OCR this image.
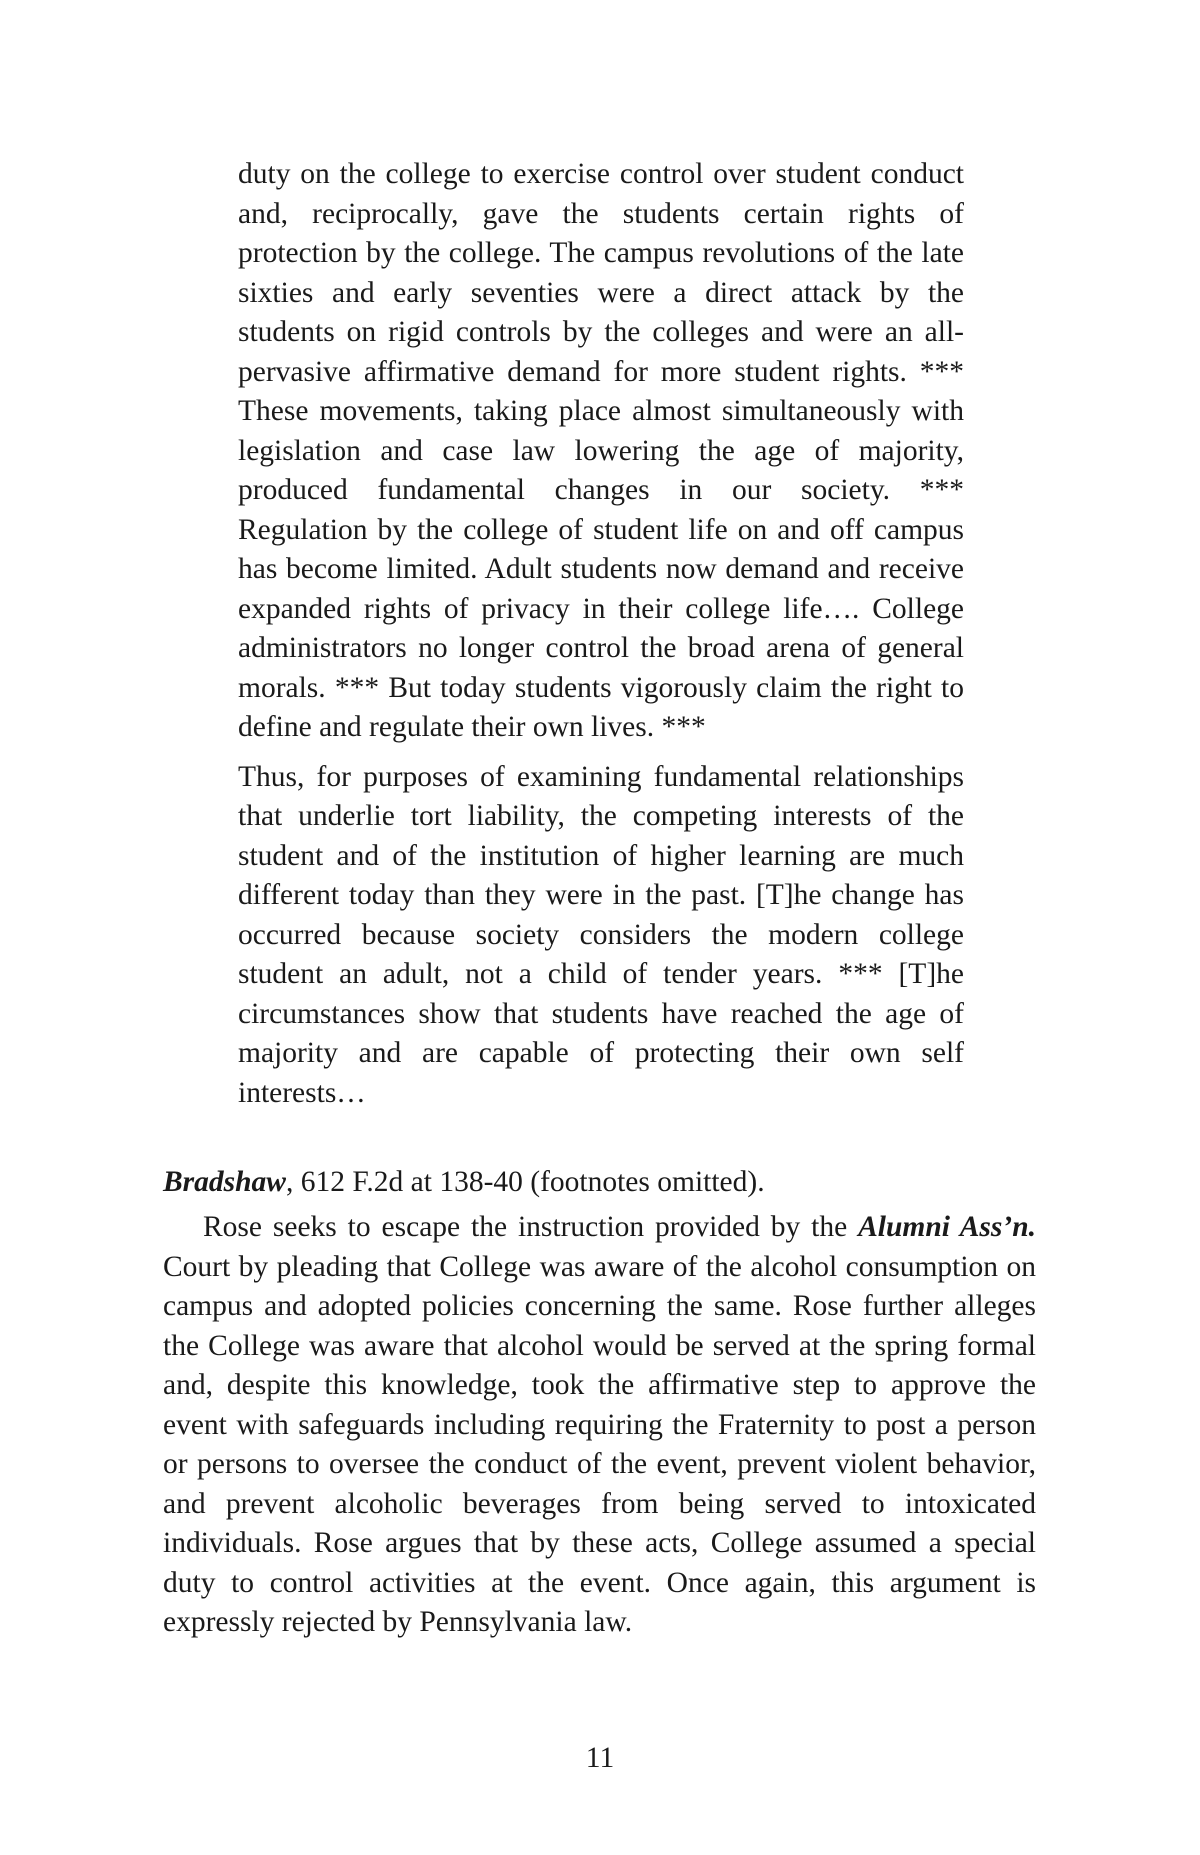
duty on the college to exercise control over student conduct and, reciprocally, gave the students certain rights of protection by the college. The campus revolutions of the late sixties and early seventies were a direct attack by the students on rigid controls by the colleges and were an all-pervasive affirmative demand for more student rights. *** These movements, taking place almost simultaneously with legislation and case law lowering the age of majority, produced fundamental changes in our society. *** Regulation by the college of student life on and off campus has become limited. Adult students now demand and receive expanded rights of privacy in their college life…. College administrators no longer control the broad arena of general morals. *** But today students vigorously claim the right to define and regulate their own lives. ***

Thus, for purposes of examining fundamental relationships that underlie tort liability, the competing interests of the student and of the institution of higher learning are much different today than they were in the past. [T]he change has occurred because society considers the modern college student an adult, not a child of tender years. *** [T]he circumstances show that students have reached the age of majority and are capable of protecting their own self interests…

Bradshaw, 612 F.2d at 138-40 (footnotes omitted).

Rose seeks to escape the instruction provided by the Alumni Ass’n. Court by pleading that College was aware of the alcohol consumption on campus and adopted policies concerning the same. Rose further alleges the College was aware that alcohol would be served at the spring formal and, despite this knowledge, took the affirmative step to approve the event with safeguards including requiring the Fraternity to post a person or persons to oversee the conduct of the event, prevent violent behavior, and prevent alcoholic beverages from being served to intoxicated individuals. Rose argues that by these acts, College assumed a special duty to control activities at the event. Once again, this argument is expressly rejected by Pennsylvania law.

11
